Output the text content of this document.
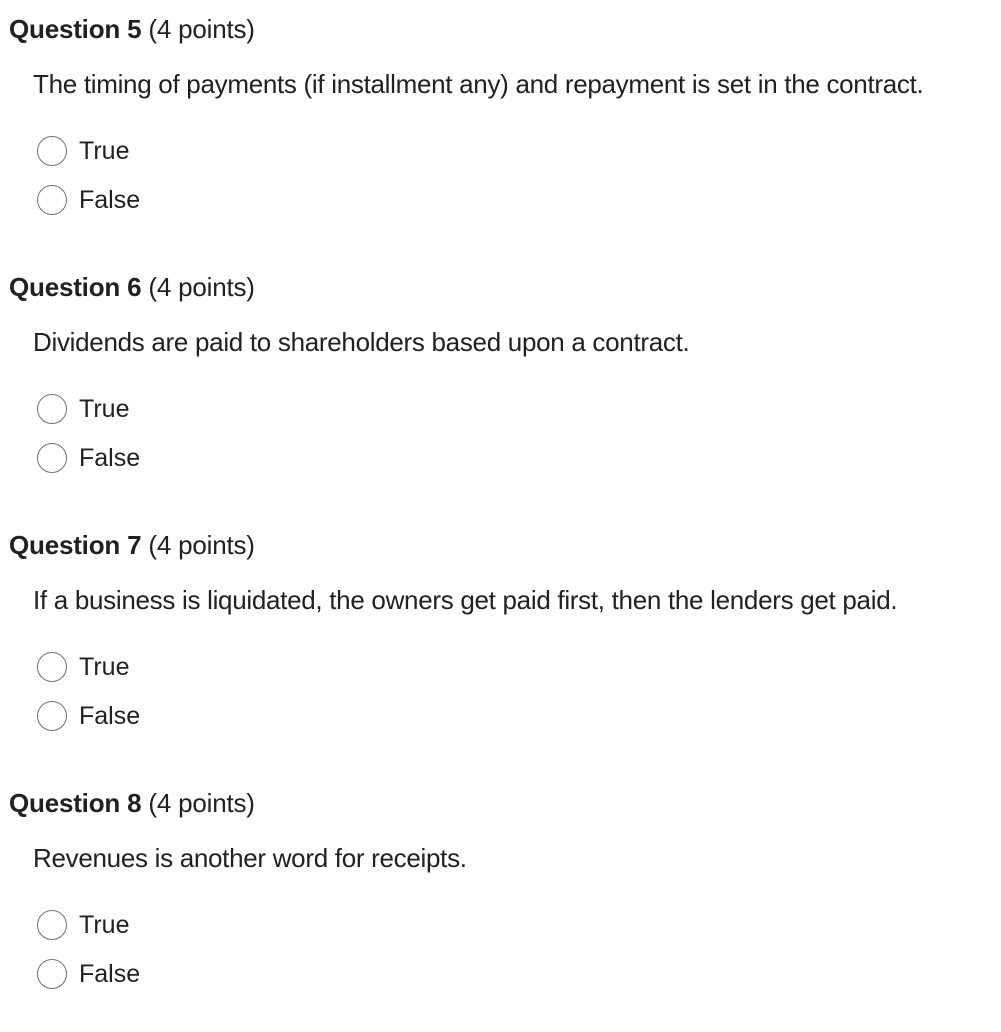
Question 5 (4 points)
The timing of payments (if installment any) and repayment is set in the contract.
True
False
Question 6 (4 points)
Dividends are paid to shareholders based upon a contract.
True
False
Question 7 (4 points)
If a business is liquidated, the owners get paid first, then the lenders get paid.
True
False
Question 8 (4 points)
Revenues is another word for receipts.
True
False
